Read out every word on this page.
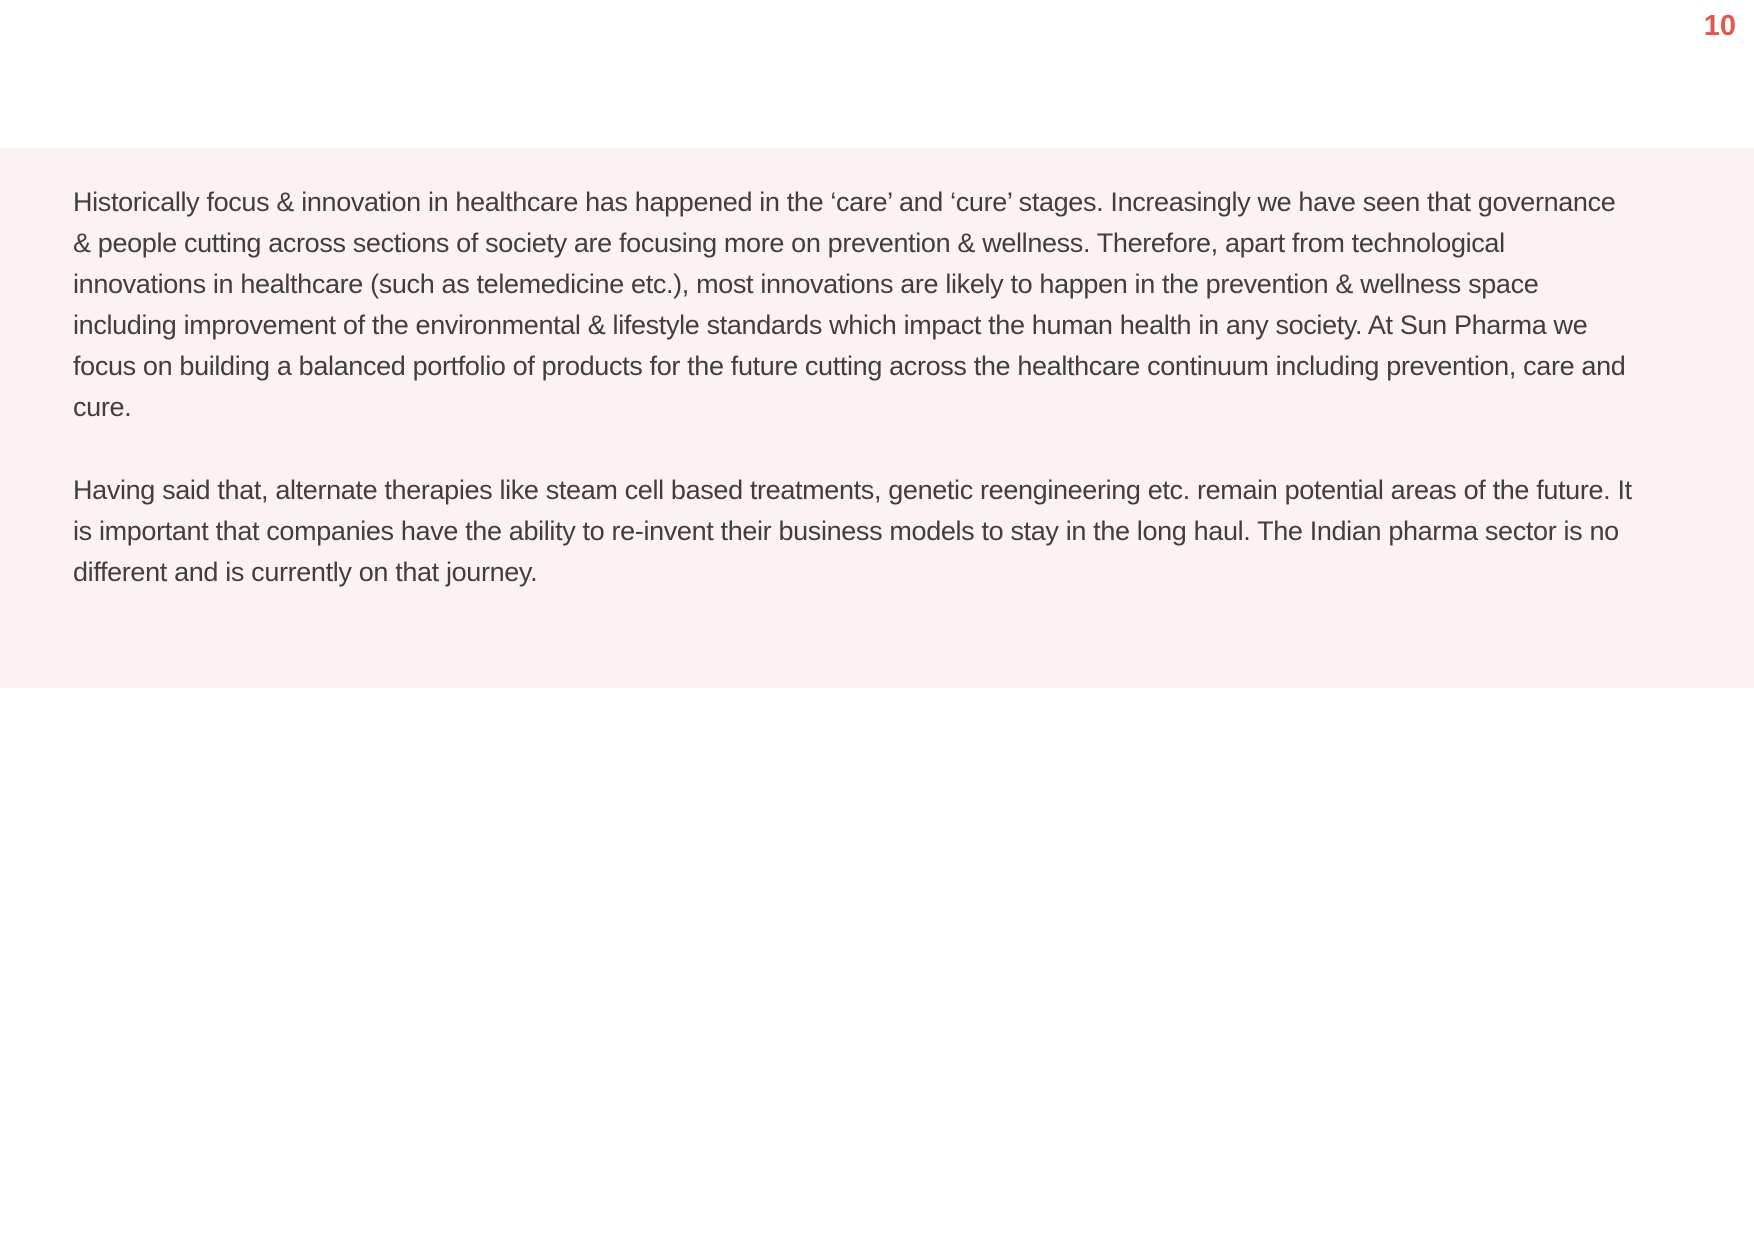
10

Historically focus & innovation in healthcare has happened in the ‘care’ and ‘cure’ stages. Increasingly we have seen that governance & people cutting across sections of society are focusing more on prevention & wellness. Therefore, apart from technological innovations in healthcare (such as telemedicine etc.), most innovations are likely to happen in the prevention & wellness space including improvement of the environmental & lifestyle standards which impact the human health in any society. At Sun Pharma we focus on building a balanced portfolio of products for the future cutting across the healthcare continuum including prevention, care and cure.

Having said that, alternate therapies like steam cell based treatments, genetic reengineering etc. remain potential areas of the future. It is important that companies have the ability to re-invent their business models to stay in the long haul. The Indian pharma sector is no different and is currently on that journey.
